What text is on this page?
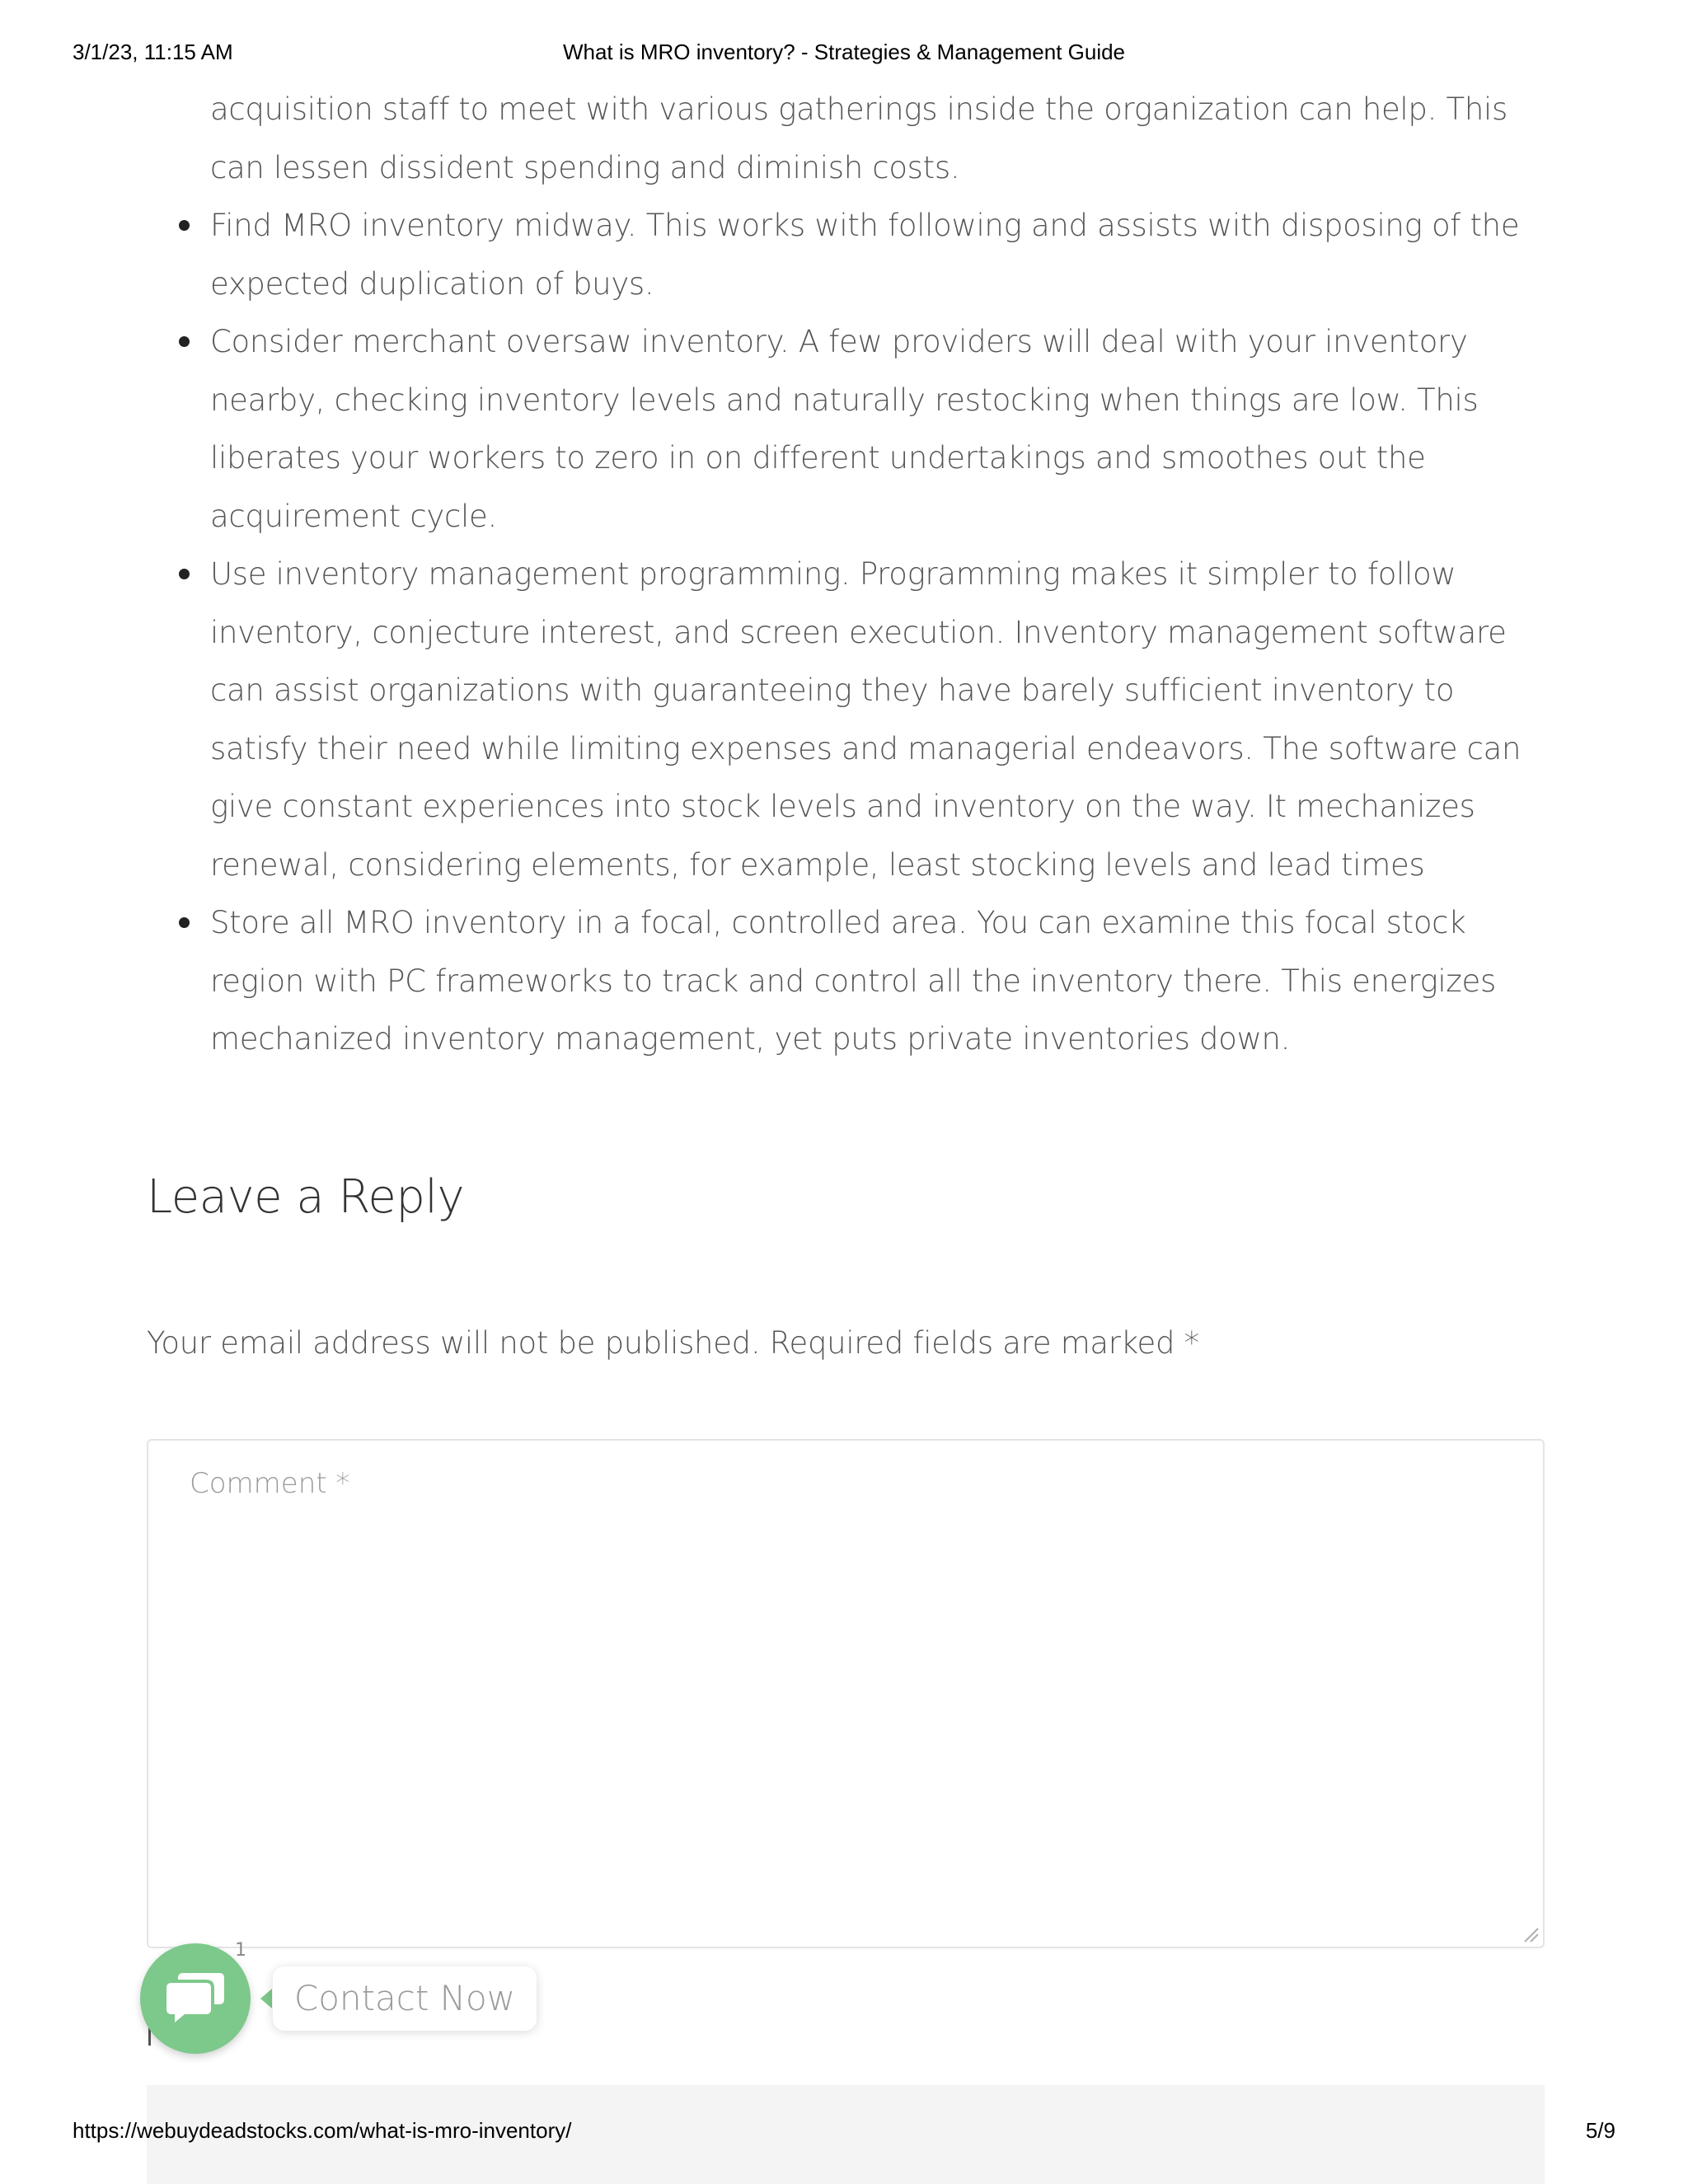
3/1/23, 11:15 AM	What is MRO inventory? - Strategies & Management Guide

acquisition staff to meet with various gatherings inside the organization can help. This can lessen dissident spending and diminish costs.

Find MRO inventory midway. This works with following and assists with disposing of the expected duplication of buys.
Consider merchant oversaw inventory. A few providers will deal with your inventory nearby, checking inventory levels and naturally restocking when things are low. This liberates your workers to zero in on different undertakings and smoothes out the acquirement cycle.
Use inventory management programming. Programming makes it simpler to follow inventory, conjecture interest, and screen execution. Inventory management software can assist organizations with guaranteeing they have barely sufficient inventory to satisfy their need while limiting expenses and managerial endeavors. The software can give constant experiences into stock levels and inventory on the way. It mechanizes renewal, considering elements, for example, least stocking levels and lead times
Store all MRO inventory in a focal, controlled area. You can examine this focal stock region with PC frameworks to track and control all the inventory there. This energizes mechanized inventory management, yet puts private inventories down.
Leave a Reply
Your email address will not be published. Required fields are marked *
Comment *
1
Contact Now
https://webuydeadstocks.com/what-is-mro-inventory/	5/9
